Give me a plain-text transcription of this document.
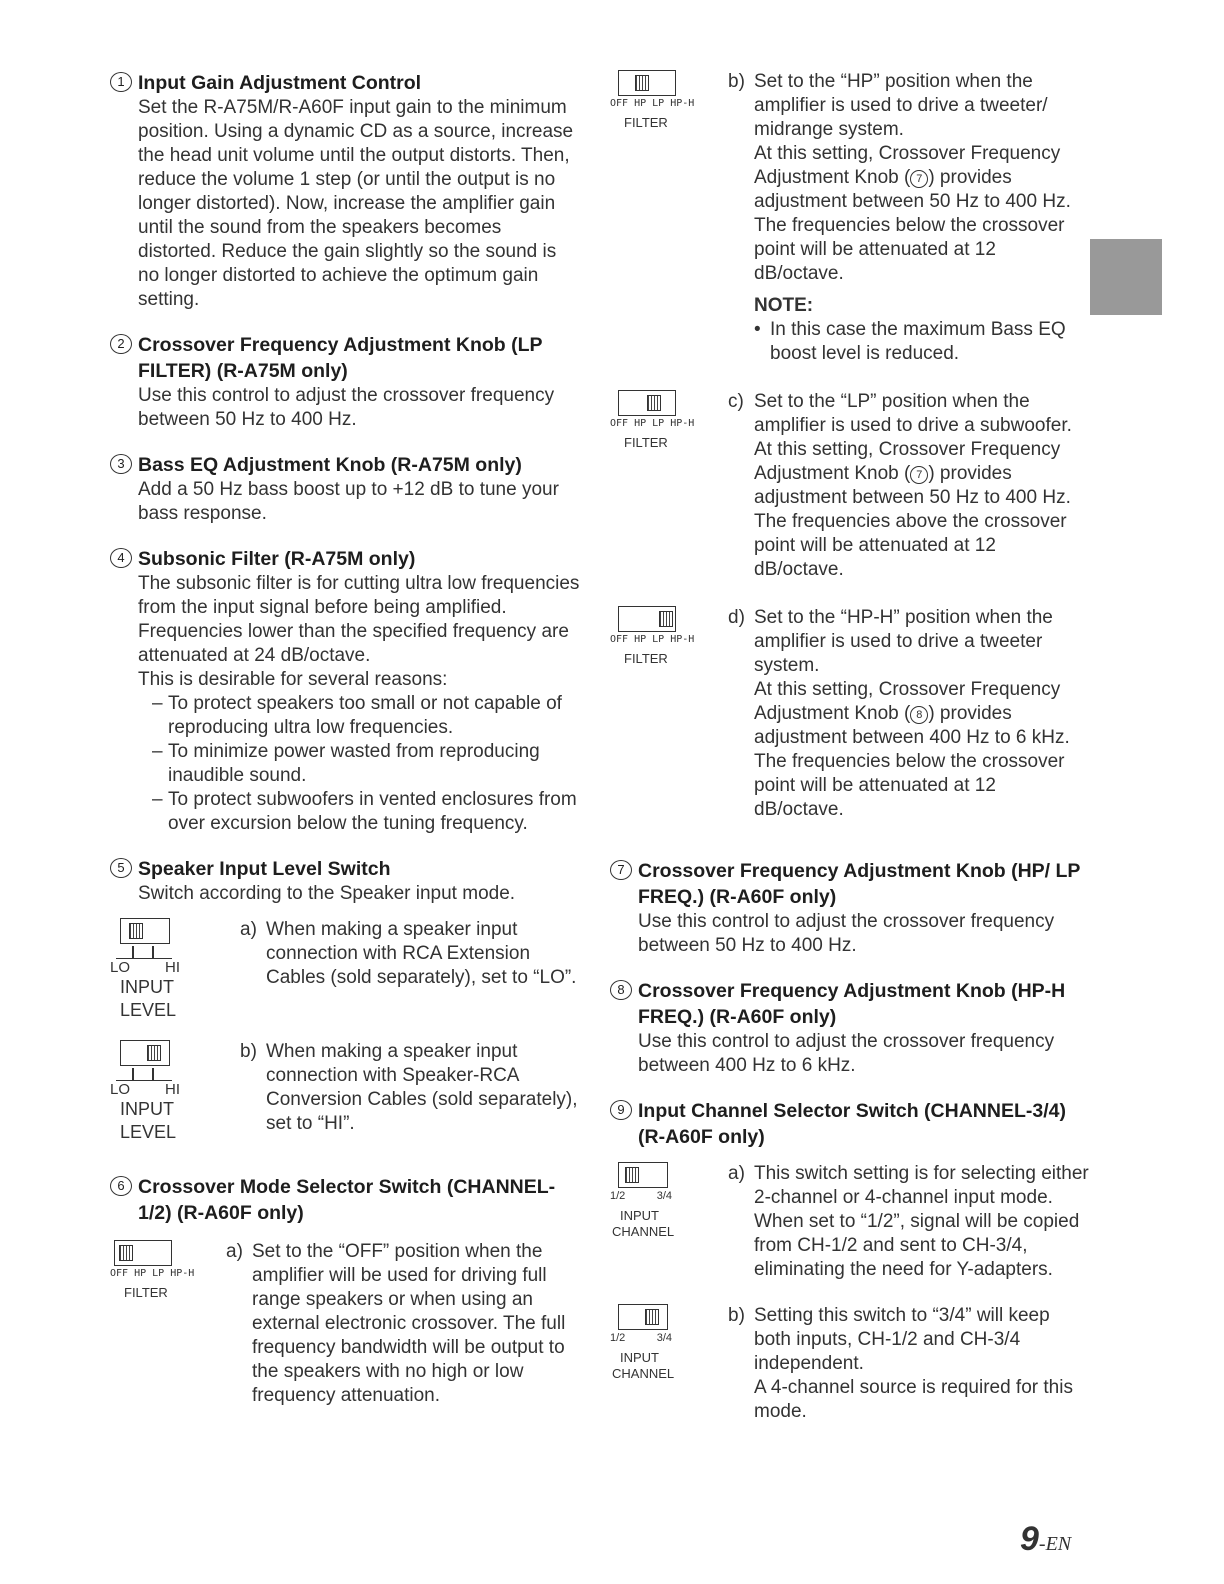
1 Input Gain Adjustment Control

Set the R-A75M/R-A60F input gain to the minimum position. Using a dynamic CD as a source, increase the head unit volume until the output distorts. Then, reduce the volume 1 step (or until the output is no longer distorted). Now, increase the amplifier gain until the sound from the speakers becomes distorted. Reduce the gain slightly so the sound is no longer distorted to achieve the optimum gain setting.

2 Crossover Frequency Adjustment Knob (LP FILTER) (R-A75M only)

Use this control to adjust the crossover frequency between 50 Hz to 400 Hz.

3 Bass EQ Adjustment Knob (R-A75M only)

Add a 50 Hz bass boost up to +12 dB to tune your bass response.

4 Subsonic Filter (R-A75M only)

The subsonic filter is for cutting ultra low frequencies from the input signal before being amplified. Frequencies lower than the specified frequency are attenuated at 24 dB/octave.

This is desirable for several reasons:

– To protect speakers too small or not capable of reproducing ultra low frequencies.
– To minimize power wasted from reproducing inaudible sound.
– To protect subwoofers in vented enclosures from over excursion below the tuning frequency.
5 Speaker Input Level Switch

Switch according to the Speaker input mode.

LO HI
INPUT
LEVEL
a) When making a speaker input connection with RCA Extension Cables (sold separately), set to “LO”.
LO HI
INPUT
LEVEL
b) When making a speaker input connection with Speaker-RCA Conversion Cables (sold separately), set to “HI”.
6 Crossover Mode Selector Switch (CHANNEL-1/2) (R-A60F only)
OFF HP LP HP-H
FILTER
a) Set to the “OFF” position when the amplifier will be used for driving full range speakers or when using an external electronic crossover. The full frequency bandwidth will be output to the speakers with no high or low frequency attenuation.
OFF HP LP HP-H
FILTER
b) Set to the “HP” position when the amplifier is used to drive a tweeter/ midrange system.
At this setting, Crossover Frequency Adjustment Knob ( 7 ) provides adjustment between 50 Hz to 400 Hz. The frequencies below the crossover point will be attenuated at 12 dB/octave.
NOTE:
• In this case the maximum Bass EQ boost level is reduced.
OFF HP LP HP-H
FILTER
c) Set to the “LP” position when the amplifier is used to drive a subwoofer.
At this setting, Crossover Frequency Adjustment Knob ( 7 ) provides adjustment between 50 Hz to 400 Hz. The frequencies above the crossover point will be attenuated at 12 dB/octave.
OFF HP LP HP-H
FILTER
d) Set to the “HP-H” position when the amplifier is used to drive a tweeter system.
At this setting, Crossover Frequency Adjustment Knob ( 8 ) provides adjustment between 400 Hz to 6 kHz. The frequencies below the crossover point will be attenuated at 12 dB/octave.
7 Crossover Frequency Adjustment Knob (HP/ LP FREQ.) (R-A60F only)

Use this control to adjust the crossover frequency between 50 Hz to 400 Hz.

8 Crossover Frequency Adjustment Knob (HP-H FREQ.) (R-A60F only)

Use this control to adjust the crossover frequency between 400 Hz to 6 kHz.

9 Input Channel Selector Switch (CHANNEL-3/4) (R-A60F only)
1/2	3/4
INPUT
CHANNEL
a) This switch setting is for selecting either 2-channel or 4-channel input mode. When set to “1/2”, signal will be copied from CH-1/2 and sent to CH-3/4, eliminating the need for Y-adapters.
1/2	3/4
INPUT
CHANNEL
b) Setting this switch to “3/4” will keep both inputs, CH-1/2 and CH-3/4 independent.
A 4-channel source is required for this mode.
9-EN
